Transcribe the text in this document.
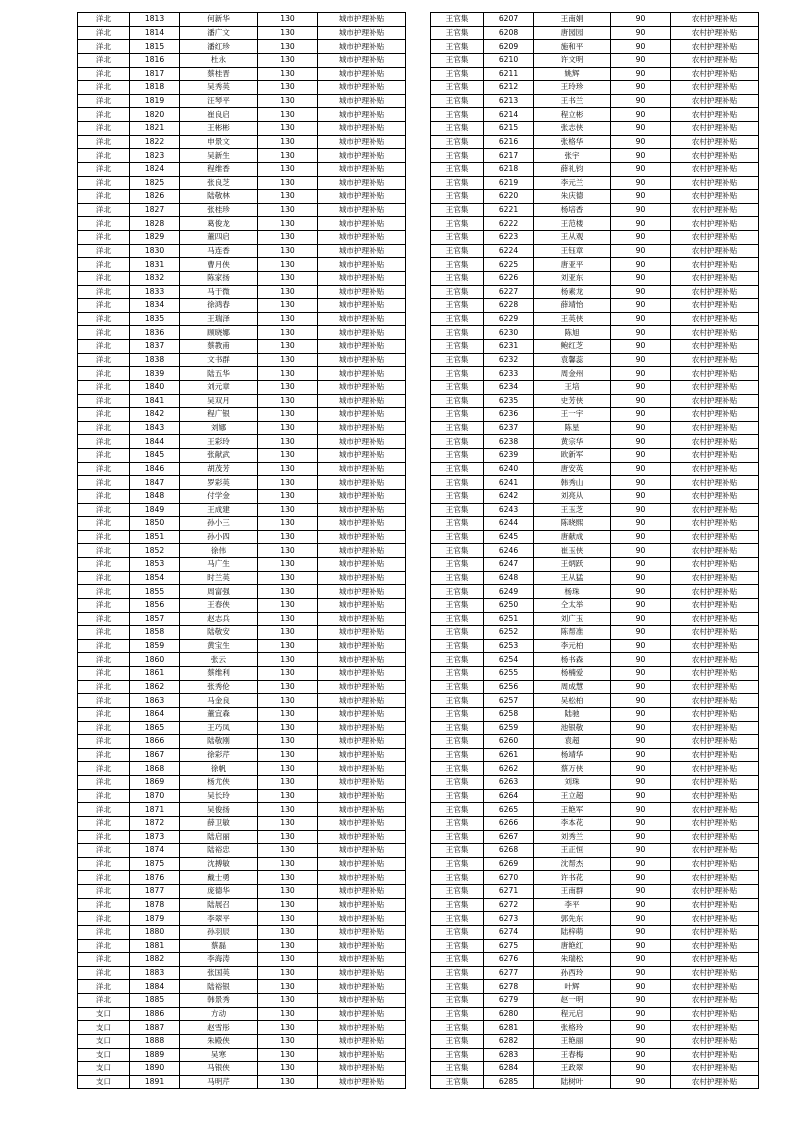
洋北	1813	何新华	130	城市护理补贴
洋北	1814	潘广文	130	城市护理补贴
洋北	1815	潘红珍	130	城市护理补贴
洋北	1816	杜永	130	城市护理补贴
洋北	1817	蔡桂晋	130	城市护理补贴
洋北	1818	吴秀英	130	城市护理补贴
洋北	1819	汪琴平	130	城市护理补贴
洋北	1820	崔良启	130	城市护理补贴
洋北	1821	王彬彬	130	城市护理补贴
洋北	1822	申景文	130	城市护理补贴
洋北	1823	吴新生	130	城市护理补贴
洋北	1824	程维香	130	城市护理补贴
洋北	1825	张良芝	130	城市护理补贴
洋北	1826	陆敬林	130	城市护理补贴
洋北	1827	张桂珍	130	城市护理补贴
洋北	1828	葛俊龙	130	城市护理补贴
洋北	1829	董四启	130	城市护理补贴
洋北	1830	马连香	130	城市护理补贴
洋北	1831	曹月侠	130	城市护理补贴
洋北	1832	陈家扬	130	城市护理补贴
洋北	1833	马于微	130	城市护理补贴
洋北	1834	徐鸿春	130	城市护理补贴
洋北	1835	王瑞泽	130	城市护理补贴
洋北	1836	顾晓娜	130	城市护理补贴
洋北	1837	蔡教甫	130	城市护理补贴
洋北	1838	文书群	130	城市护理补贴
洋北	1839	陆五华	130	城市护理补贴
洋北	1840	刘元章	130	城市护理补贴
洋北	1841	吴双月	130	城市护理补贴
洋北	1842	程广银	130	城市护理补贴
洋北	1843	刘娜	130	城市护理补贴
洋北	1844	王彩玲	130	城市护理补贴
洋北	1845	张献武	130	城市护理补贴
洋北	1846	胡茂芳	130	城市护理补贴
洋北	1847	罗彩英	130	城市护理补贴
洋北	1848	付学金	130	城市护理补贴
洋北	1849	王成建	130	城市护理补贴
洋北	1850	孙小三	130	城市护理补贴
洋北	1851	孙小四	130	城市护理补贴
洋北	1852	徐伟	130	城市护理补贴
洋北	1853	马广生	130	城市护理补贴
洋北	1854	时兰英	130	城市护理补贴
洋北	1855	周富强	130	城市护理补贴
洋北	1856	王春侠	130	城市护理补贴
洋北	1857	赵志兵	130	城市护理补贴
洋北	1858	陆敬安	130	城市护理补贴
洋北	1859	黄宝生	130	城市护理补贴
洋北	1860	张云	130	城市护理补贴
洋北	1861	蔡维利	130	城市护理补贴
洋北	1862	张秀伦	130	城市护理补贴
洋北	1863	马金良	130	城市护理补贴
洋北	1864	董宜森	130	城市护理补贴
洋北	1865	王巧凤	130	城市护理补贴
洋北	1866	陆敬刚	130	城市护理补贴
洋北	1867	徐彩芹	130	城市护理补贴
洋北	1868	徐帆	130	城市护理补贴
洋北	1869	杨尤侠	130	城市护理补贴
洋北	1870	吴长玲	130	城市护理补贴
洋北	1871	吴俊扬	130	城市护理补贴
洋北	1872	薛卫敏	130	城市护理补贴
洋北	1873	陆启丽	130	城市护理补贴
洋北	1874	陆裕忠	130	城市护理补贴
洋北	1875	沈搏敏	130	城市护理补贴
洋北	1876	戴士勇	130	城市护理补贴
洋北	1877	庞德华	130	城市护理补贴
洋北	1878	陆展召	130	城市护理补贴
洋北	1879	李翠平	130	城市护理补贴
洋北	1880	孙羽辰	130	城市护理补贴
洋北	1881	蔡磊	130	城市护理补贴
洋北	1882	李海涛	130	城市护理补贴
洋北	1883	张国英	130	城市护理补贴
洋北	1884	陆裕银	130	城市护理补贴
洋北	1885	韩景秀	130	城市护理补贴
支口	1886	方动	130	城市护理补贴
支口	1887	赵雪彤	130	城市护理补贴
支口	1888	朱殿侠	130	城市护理补贴
支口	1889	吴寒	130	城市护理补贴
支口	1890	马银侠	130	城市护理补贴
支口	1891	马明芹	130	城市护理补贴
王官集	6207	王南娟	90	农村护理补贴
王官集	6208	唐园园	90	农村护理补贴
王官集	6209	施和平	90	农村护理补贴
王官集	6210	许文明	90	农村护理补贴
王官集	6211	姚辉	90	农村护理补贴
王官集	6212	王玲珍	90	农村护理补贴
王官集	6213	王书兰	90	农村护理补贴
王官集	6214	程立彬	90	农村护理补贴
王官集	6215	张志侠	90	农村护理补贴
王官集	6216	张格华	90	农村护理补贴
王官集	6217	张宇	90	农村护理补贴
王官集	6218	薛礼钧	90	农村护理补贴
王官集	6219	李元兰	90	农村护理补贴
王官集	6220	朱庆德	90	农村护理补贴
王官集	6221	杨培香	90	农村护理补贴
王官集	6222	王范楼	90	农村护理补贴
王官集	6223	王从观	90	农村护理补贴
王官集	6224	王钰章	90	农村护理补贴
王官集	6225	唐亚平	90	农村护理补贴
王官集	6226	刘亚东	90	农村护理补贴
王官集	6227	杨素龙	90	农村护理补贴
王官集	6228	薛靖怡	90	农村护理补贴
王官集	6229	王英侠	90	农村护理补贴
王官集	6230	陈旭	90	农村护理补贴
王官集	6231	鲍红芝	90	农村护理补贴
王官集	6232	袁馨蕊	90	农村护理补贴
王官集	6233	周金州	90	农村护理补贴
王官集	6234	王培	90	农村护理补贴
王官集	6235	史芳侠	90	农村护理补贴
王官集	6236	王一宇	90	农村护理补贴
王官集	6237	陈星	90	农村护理补贴
王官集	6238	黄宗华	90	农村护理补贴
王官集	6239	欧新军	90	农村护理补贴
王官集	6240	唐安英	90	农村护理补贴
王官集	6241	韩秀山	90	农村护理补贴
王官集	6242	刘亮从	90	农村护理补贴
王官集	6243	王玉芝	90	农村护理补贴
王官集	6244	陈晓熙	90	农村护理补贴
王官集	6245	唐献成	90	农村护理补贴
王官集	6246	崔玉侠	90	农村护理补贴
王官集	6247	王炳跃	90	农村护理补贴
王官集	6248	王从猛	90	农村护理补贴
王官集	6249	杨珠	90	农村护理补贴
王官集	6250	仝太举	90	农村护理补贴
王官集	6251	刘广玉	90	农村护理补贴
王官集	6252	陈帮准	90	农村护理补贴
王官集	6253	李元柏	90	农村护理补贴
王官集	6254	杨书森	90	农村护理补贴
王官集	6255	杨楠爱	90	农村护理补贴
王官集	6256	周成慧	90	农村护理补贴
王官集	6257	吴松柏	90	农村护理补贴
王官集	6258	陆驰	90	农村护理补贴
王官集	6259	池银敬	90	农村护理补贴
王官集	6260	袁超	90	农村护理补贴
王官集	6261	杨靖华	90	农村护理补贴
王官集	6262	蔡万侠	90	农村护理补贴
王官集	6263	刘珠	90	农村护理补贴
王官集	6264	王立超	90	农村护理补贴
王官集	6265	王艳军	90	农村护理补贴
王官集	6266	李本花	90	农村护理补贴
王官集	6267	刘秀兰	90	农村护理补贴
王官集	6268	王正恒	90	农村护理补贴
王官集	6269	沈帮杰	90	农村护理补贴
王官集	6270	许书花	90	农村护理补贴
王官集	6271	王南群	90	农村护理补贴
王官集	6272	李平	90	农村护理补贴
王官集	6273	郭先东	90	农村护理补贴
王官集	6274	陆梓萌	90	农村护理补贴
王官集	6275	唐艳红	90	农村护理补贴
王官集	6276	朱瑞松	90	农村护理补贴
王官集	6277	孙西玲	90	农村护理补贴
王官集	6278	叶辉	90	农村护理补贴
王官集	6279	赵一明	90	农村护理补贴
王官集	6280	程元启	90	农村护理补贴
王官集	6281	张格玲	90	农村护理补贴
王官集	6282	王艳丽	90	农村护理补贴
王官集	6283	王春梅	90	农村护理补贴
王官集	6284	王政翠	90	农村护理补贴
王官集	6285	陆树叶	90	农村护理补贴
